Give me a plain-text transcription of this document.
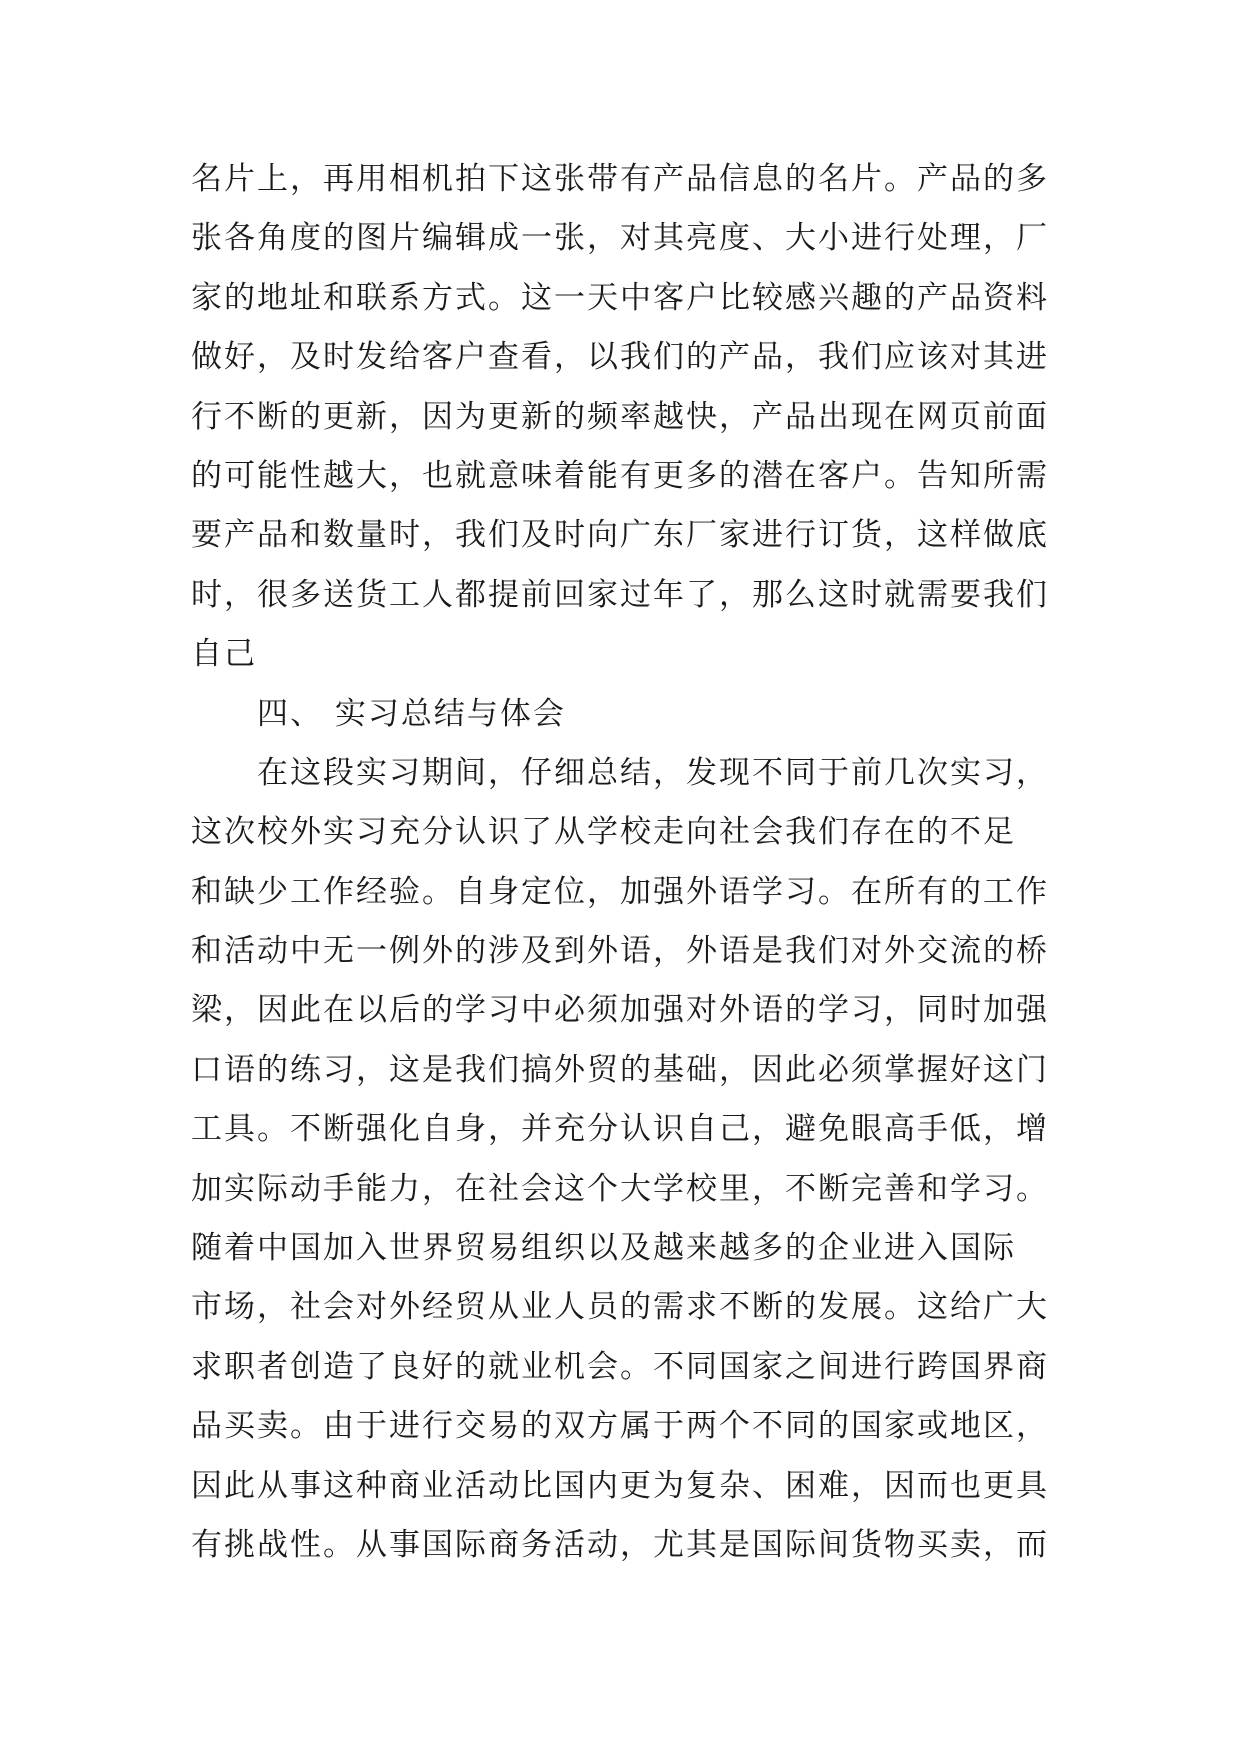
名片上，再用相机拍下这张带有产品信息的名片。产品的多
张各角度的图片编辑成一张，对其亮度、大小进行处理，厂
家的地址和联系方式。这一天中客户比较感兴趣的产品资料
做好，及时发给客户查看，以我们的产品，我们应该对其进
行不断的更新，因为更新的频率越快，产品出现在网页前面
的可能性越大，也就意味着能有更多的潜在客户。告知所需
要产品和数量时，我们及时向广东厂家进行订货，这样做底
时，很多送货工人都提前回家过年了，那么这时就需要我们
自己
四、 实习总结与体会
在这段实习期间，仔细总结，发现不同于前几次实习，
这次校外实习充分认识了从学校走向社会我们存在的不足
和缺少工作经验。自身定位，加强外语学习。在所有的工作
和活动中无一例外的涉及到外语，外语是我们对外交流的桥
梁，因此在以后的学习中必须加强对外语的学习，同时加强
口语的练习，这是我们搞外贸的基础，因此必须掌握好这门
工具。不断强化自身，并充分认识自己，避免眼高手低，增
加实际动手能力，在社会这个大学校里，不断完善和学习。
随着中国加入世界贸易组织以及越来越多的企业进入国际
市场，社会对外经贸从业人员的需求不断的发展。这给广大
求职者创造了良好的就业机会。不同国家之间进行跨国界商
品买卖。由于进行交易的双方属于两个不同的国家或地区，
因此从事这种商业活动比国内更为复杂、困难，因而也更具
有挑战性。从事国际商务活动，尤其是国际间货物买卖，而
